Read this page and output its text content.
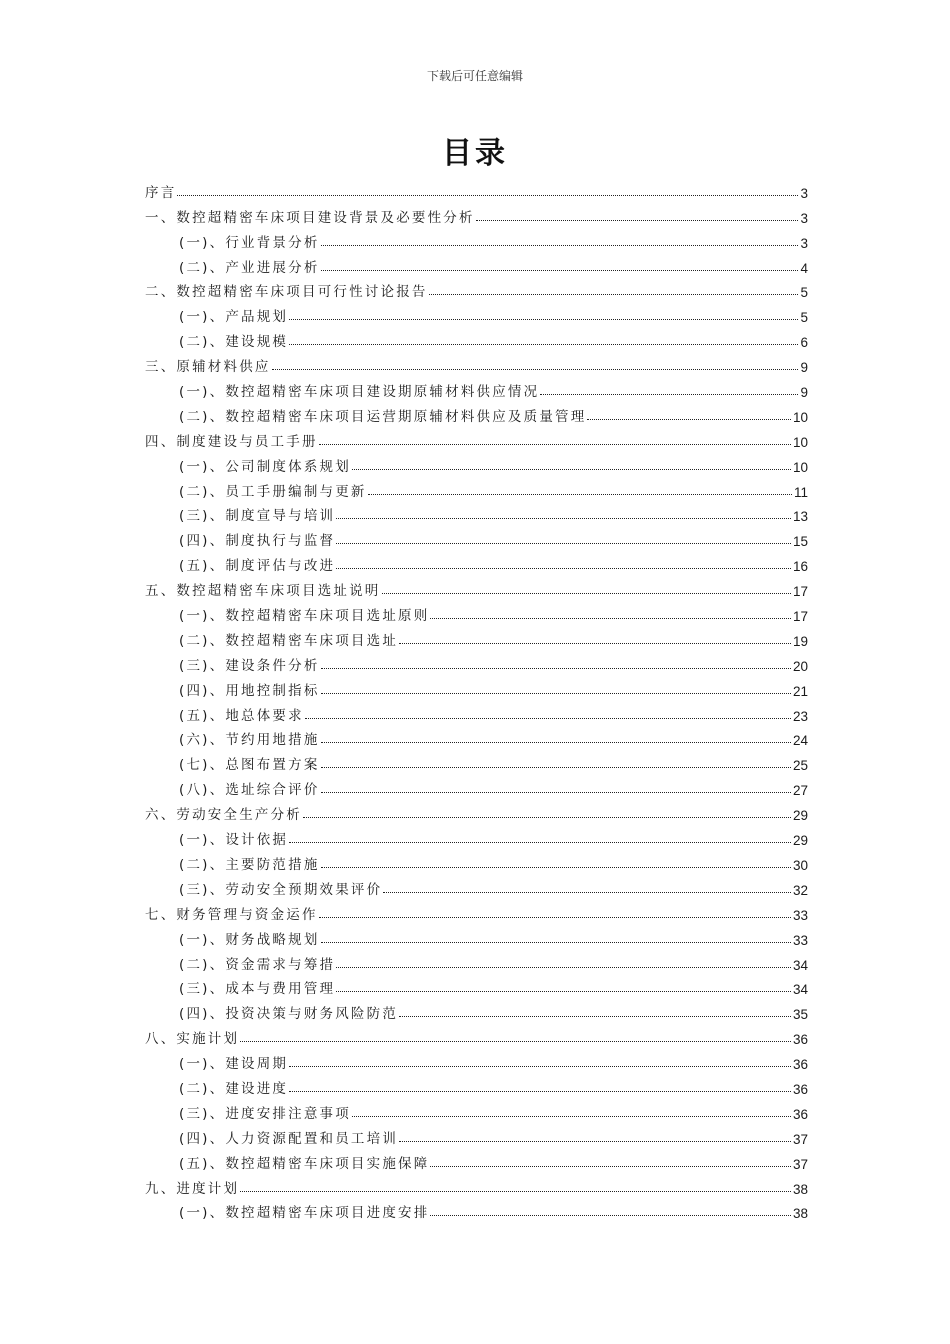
下载后可任意编辑
目录
序言	3
一、数控超精密车床项目建设背景及必要性分析	3
(一)、行业背景分析	3
(二)、产业进展分析	4
二、数控超精密车床项目可行性讨论报告	5
(一)、产品规划	5
(二)、建设规模	6
三、原辅材料供应	9
(一)、数控超精密车床项目建设期原辅材料供应情况	9
(二)、数控超精密车床项目运营期原辅材料供应及质量管理	10
四、制度建设与员工手册	10
(一)、公司制度体系规划	10
(二)、员工手册编制与更新	11
(三)、制度宣导与培训	13
(四)、制度执行与监督	15
(五)、制度评估与改进	16
五、数控超精密车床项目选址说明	17
(一)、数控超精密车床项目选址原则	17
(二)、数控超精密车床项目选址	19
(三)、建设条件分析	20
(四)、用地控制指标	21
(五)、地总体要求	23
(六)、节约用地措施	24
(七)、总图布置方案	25
(八)、选址综合评价	27
六、劳动安全生产分析	29
(一)、设计依据	29
(二)、主要防范措施	30
(三)、劳动安全预期效果评价	32
七、财务管理与资金运作	33
(一)、财务战略规划	33
(二)、资金需求与筹措	34
(三)、成本与费用管理	34
(四)、投资决策与财务风险防范	35
八、实施计划	36
(一)、建设周期	36
(二)、建设进度	36
(三)、进度安排注意事项	36
(四)、人力资源配置和员工培训	37
(五)、数控超精密车床项目实施保障	37
九、进度计划	38
(一)、数控超精密车床项目进度安排	38
